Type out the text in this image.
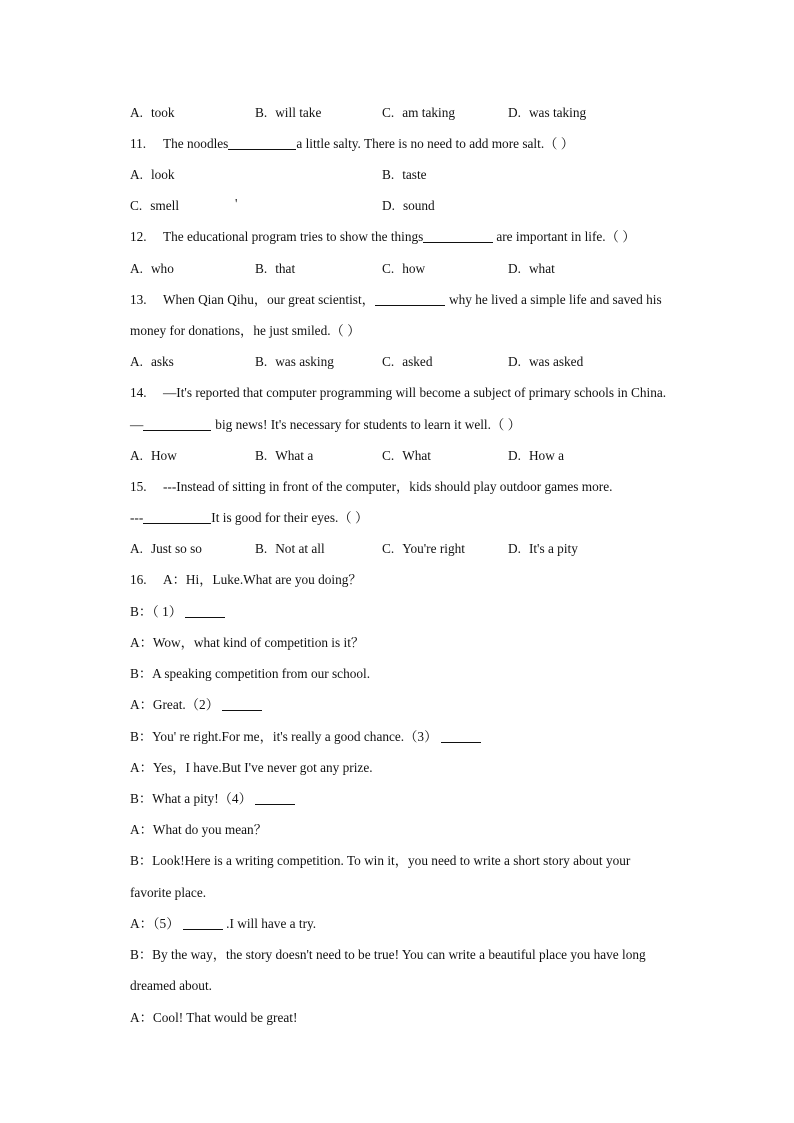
A. took	B. will take	C. am taking	D. was taking
11. The noodles	a little salty. There is no need to add more salt.（ ）
A. look	B. taste
C. smell	'	D. sound
12. The educational program tries to show the things	are important in life.（ ）
A. who	B. that	C. how	D. what
13. When Qian Qihu，our great scientist，	why he lived a simple life and saved his
money for donations，he just smiled.（ ）
A. asks	B. was asking	C. asked	D. was asked
14. —It's reported that computer programming will become a subject of primary schools in China.
—	big news! It's necessary for students to learn it well.（ ）
A. How	B. What a	C. What	D. How a
15. ---Instead of sitting in front of the computer，kids should play outdoor games more.
---	It is good for their eyes.（ ）
A. Just so so	B. Not at all	C. You're right	D. It's a pity
16. A：Hi，Luke.What are you doing？
B：（ 1）
A：Wow，what kind of competition is it？
B：A speaking competition from our school.
A：Great.（2）
B：You' re right.For me，it's really a good chance.（3）
A：Yes，I have.But I've never got any prize.
B：What a pity!（4）
A：What do you mean？
B：Look!Here is a writing competition. To win it，you need to write a short story about your
favorite place.
A：（5）	.I will have a try.
B：By the way，the story doesn't need to be true! You can write a beautiful place you have long
dreamed about.
A：Cool! That would be great!
